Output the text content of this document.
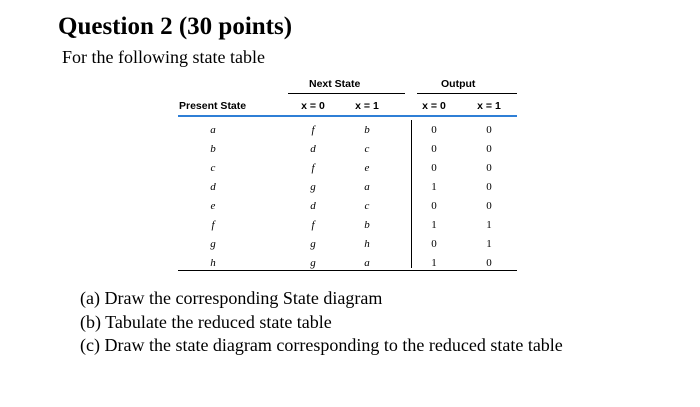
Question 2 (30 points)
For the following state table
Next State	Output
Present State	x = 0	x = 1	x = 0	x = 1
a	f	b	0	0
b	d	c	0	0
c	f	e	0	0
d	g	a	1	0
e	d	c	0	0
f	f	b	1	1
g	g	h	0	1
h	g	a	1	0
(a) Draw the corresponding State diagram
(b) Tabulate the reduced state table
(c) Draw the state diagram corresponding to the reduced state table
